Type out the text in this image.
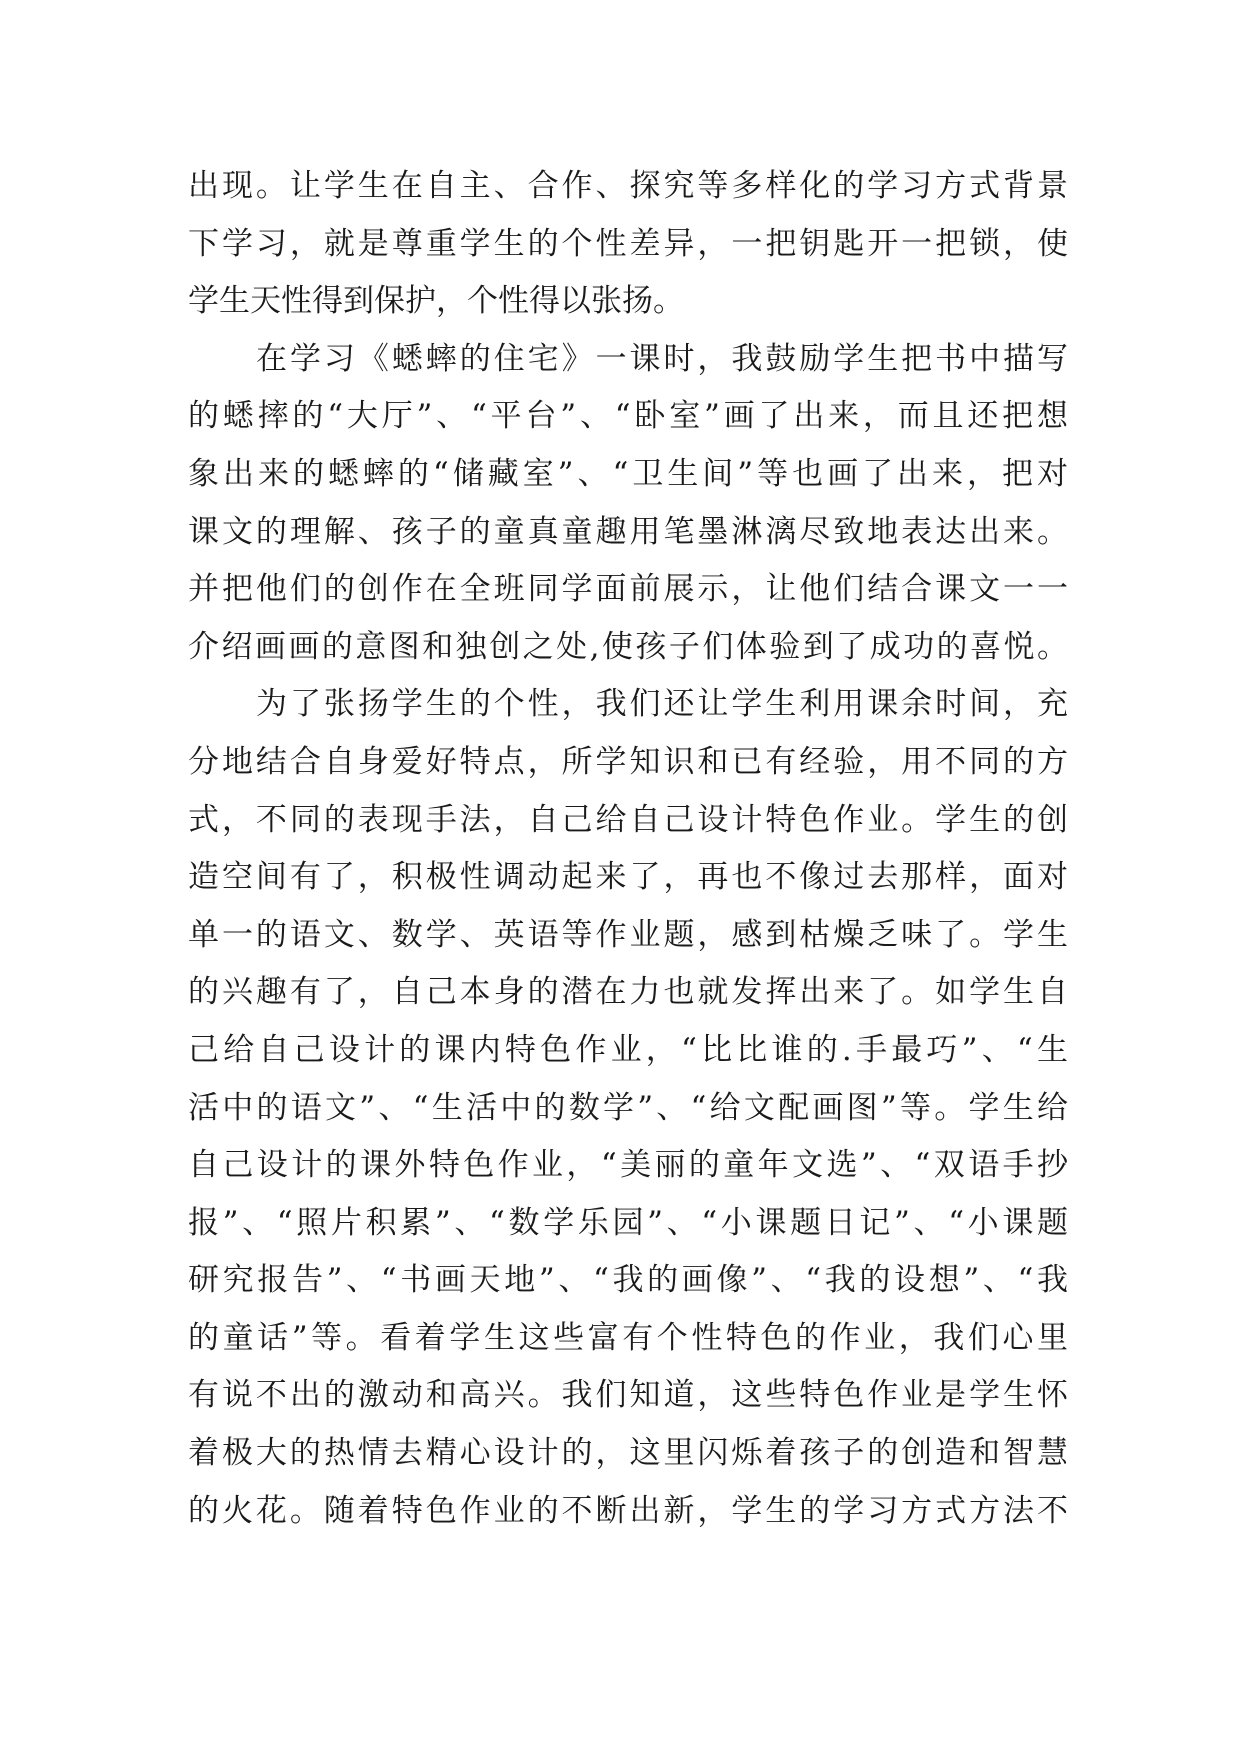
出现。让学生在自主、合作、探究等多样化的学习方式背景
下学习，就是尊重学生的个性差异，一把钥匙开一把锁，使
学生天性得到保护，个性得以张扬。
在学习《蟋蟀的住宅》一课时，我鼓励学生把书中描写
的蟋摔的“大厅”、“平台”、“卧室”画了出来，而且还把想
象出来的蟋蟀的“储藏室”、“卫生间”等也画了出来，把对
课文的理解、孩子的童真童趣用笔墨淋漓尽致地表达出来。
并把他们的创作在全班同学面前展示，让他们结合课文一一
介绍画画的意图和独创之处,使孩子们体验到了成功的喜悦。
为了张扬学生的个性，我们还让学生利用课余时间，充
分地结合自身爱好特点，所学知识和已有经验，用不同的方
式，不同的表现手法，自己给自己设计特色作业。学生的创
造空间有了，积极性调动起来了，再也不像过去那样，面对
单一的语文、数学、英语等作业题，感到枯燥乏味了。学生
的兴趣有了，自己本身的潜在力也就发挥出来了。如学生自
己给自己设计的课内特色作业，“比比谁的.手最巧”、“生
活中的语文”、“生活中的数学”、“给文配画图”等。学生给
自己设计的课外特色作业，“美丽的童年文选”、“双语手抄
报”、“照片积累”、“数学乐园”、“小课题日记”、“小课题
研究报告”、“书画天地”、“我的画像”、“我的设想”、“我
的童话”等。看着学生这些富有个性特色的作业，我们心里
有说不出的激动和高兴。我们知道，这些特色作业是学生怀
着极大的热情去精心设计的，这里闪烁着孩子的创造和智慧
的火花。随着特色作业的不断出新，学生的学习方式方法不
